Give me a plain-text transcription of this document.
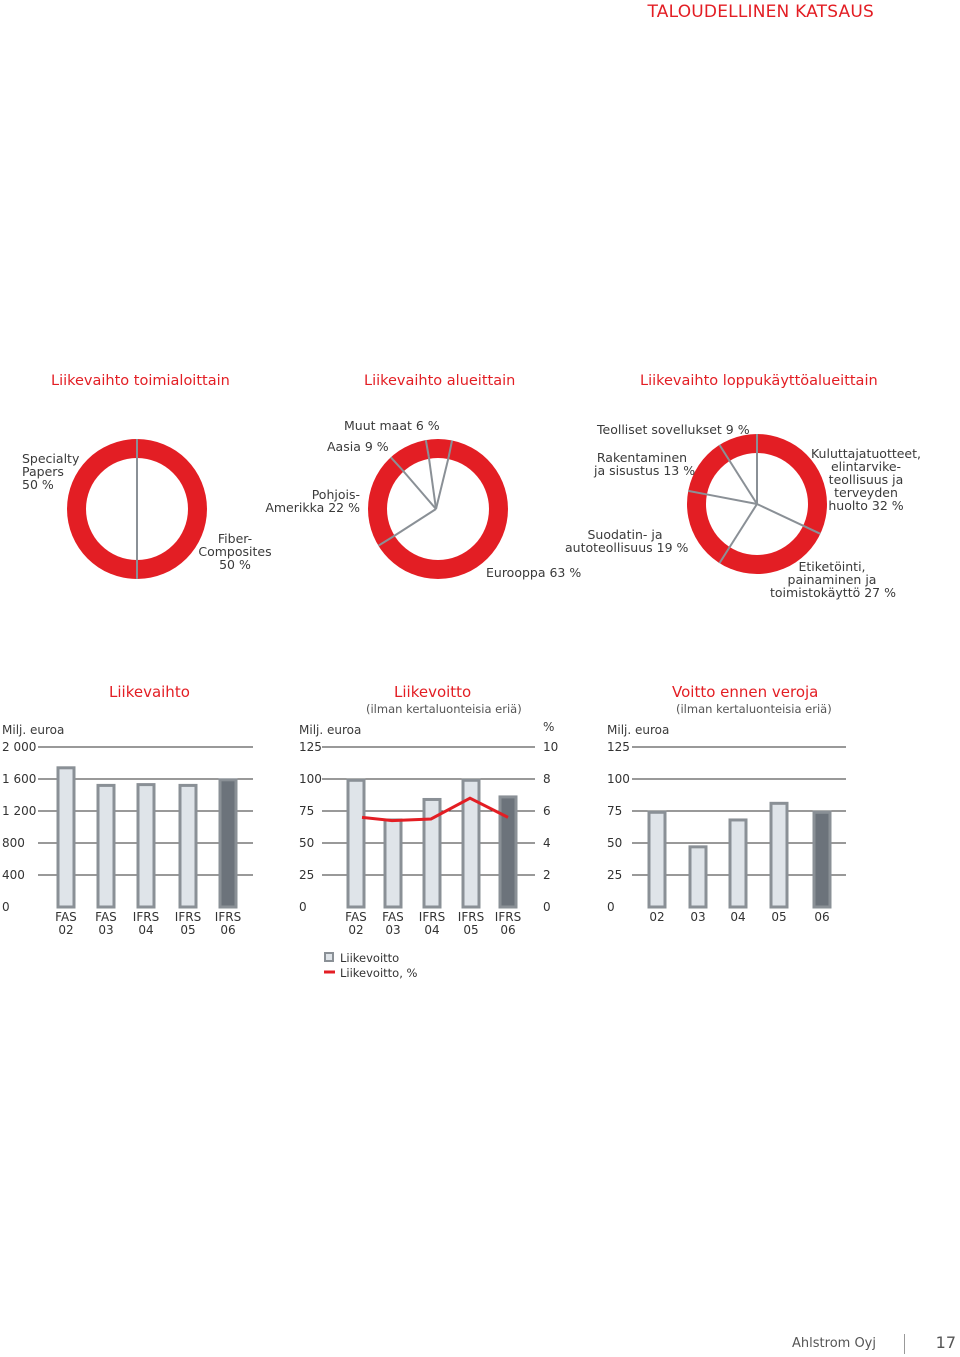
TALOUDELLINEN KATSAUS
Liikevaihto toimialoittain	Liikevaihto alueittain	Liikevaihto loppukäyttöalueittain
Specialty
Papers
50 %
Fiber-
Composites
50 %
Muut maat 6 %
Aasia 9 %
Pohjois-
Amerikka 22 %
Eurooppa 63 %
Teolliset sovellukset 9 %
Rakentaminen
ja sisustus 13 %
Kuluttajatuotteet,
elintarvike-
teollisuus ja
terveyden
huolto 32 %
Suodatin- ja
autoteollisuus 19 %
Etiketöinti,
painaminen ja
toimistokäyttö 27 %
Liikevaihto	Liikevoitto
(ilman kertaluonteisia eriä)
Voitto ennen veroja
(ilman kertaluonteisia eriä)
Milj. euroa	Milj. euroa	%	Milj. euroa
0
400
800
1 200
1 600
2 000
FAS
02
FAS
03
IFRS
04
IFRS
05
IFRS
06
0
25
50
75
100
125
0
2
4
6
8
10
FAS
02
FAS
03
IFRS
04
IFRS
05
IFRS
06
Liikevoitto
Liikevoitto, %
0
25
50
75
100
125
02 03 04 05 06
Ahlstrom Oyj	17
